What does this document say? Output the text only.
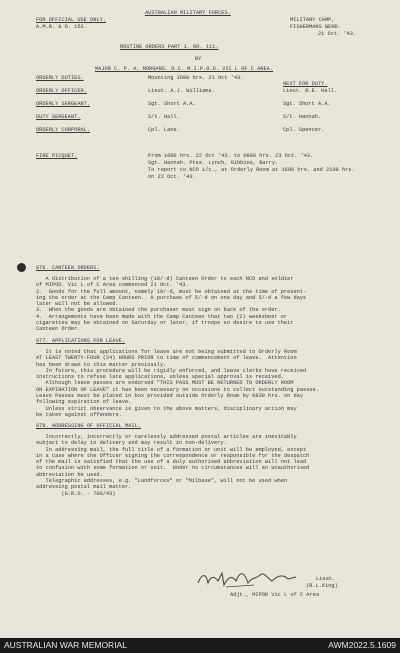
FOR OFFICIAL USE ONLY.
A.M.R. & O. 152.
AUSTRALIAN MILITARY FORCES.
MILITARY CAMP,
FISHERMANS BEND.
21 Oct. '43.
ROUTINE ORDERS PART 1. NO. 111.
BY
MAJOR C. P. A. MORGANS. O.C. M.I.P.O.D. VIC L OF C AREA.
NEXT FOR DUTY.
ORDERLY DUTIES.	Mounting 1600 hrs. 21 Oct '43.
ORDERLY OFFICER.	Lieut. A.J. Williams.	Lieut. R.E. Hall.
ORDERLY SERGEANT.	Sgt. Short A.A.	Sgt. Short A.A.
DUTY SERGEANT.	S/t. Hall.	S/t. Hannah.
ORDERLY CORPORAL.	Cpl. Lane.	Cpl. Spencer.
FIRE PICQUET.	From 1600 hrs. 22 Oct '43. to 0800 hrs. 23 Oct. '43.
Sgt. Hannah. Ptes. Lynch, Gibbins, Barry.
To report to NCO i/c., at Orderly Room at 1600 hrs. and 2100 hrs.
on 22 Oct. '43.
976. CANTEEN ORDERS.
A distribution of a ten shilling (10/-d) Canteen Order to each NCO and soldier
of MIPOD. Vic L of C Area commenced 21 Oct. '43.
2.  Goods for the full amount, namely 10/-d, must be obtained at the time of present-
ing the order at the Camp Canteen.  A purchase of 5/-d on one day and 5/-d a few days
later will not be allowed.
3.  When the goods are obtained the purchaser must sign on back of the order.
4.  Arrangements have been made with the Camp Canteen that two (2) weeksbeer or
cigarettes may be obtained on Saturday or later, if troops so desire to use their
Canteen Order.
977. APPLICATIONS FOR LEAVE.
It is noted that applications for leave are not being submitted to Orderly Room
AT LEAST TWENTY-FOUR (24) HOURS PRIOR to time of commencement of leave.  Attention
has been drawn to this matter previously.
In future, this procedure will be rigidly enforced, and leave clerks have received
instructions to refuse late applications, unless special approval is received.
Although leave passes are endorsed "THIS PASS MUST BE RETURNED TO ORDERLY ROOM
ON EXPIRATION OF LEAVE" it has been necessary on occasions to collect outstanding passes.
Leave Passes must be placed in box provided outside Orderly Room by 0830 hrs. on day
following expiration of leave.
Unless strict observance is given to the above matters, disciplinary action may
be taken against offenders.
978. ADDRESSING OF OFFICIAL MAIL.
Incorrectly, incorrectly or carelessly addressed postal articles are inevitably
subject to delay in delivery and may result in non-delivery.
In addressing mail, the full title of a formation or unit will be employed, except
in a case where the Officer signing the correspondence or responsible for the despatch
of the mail is satisfied that the use of a duly authorised abbreviation will not lead
to confusion with some formation or unit.  Under no circumstances will an unauthorised
abbreviation be used.
Telegraphic addresses, e.g. "Landforces" or "Milbase", will not be used when
addressing postal mail matter.
(G.R.O. - 706/43)
Lieut.
(R.L.King)
Adjt., MIPOD Vic L of C Area
AUSTRALIAN WAR MEMORIAL	AWM2022.5.1609
